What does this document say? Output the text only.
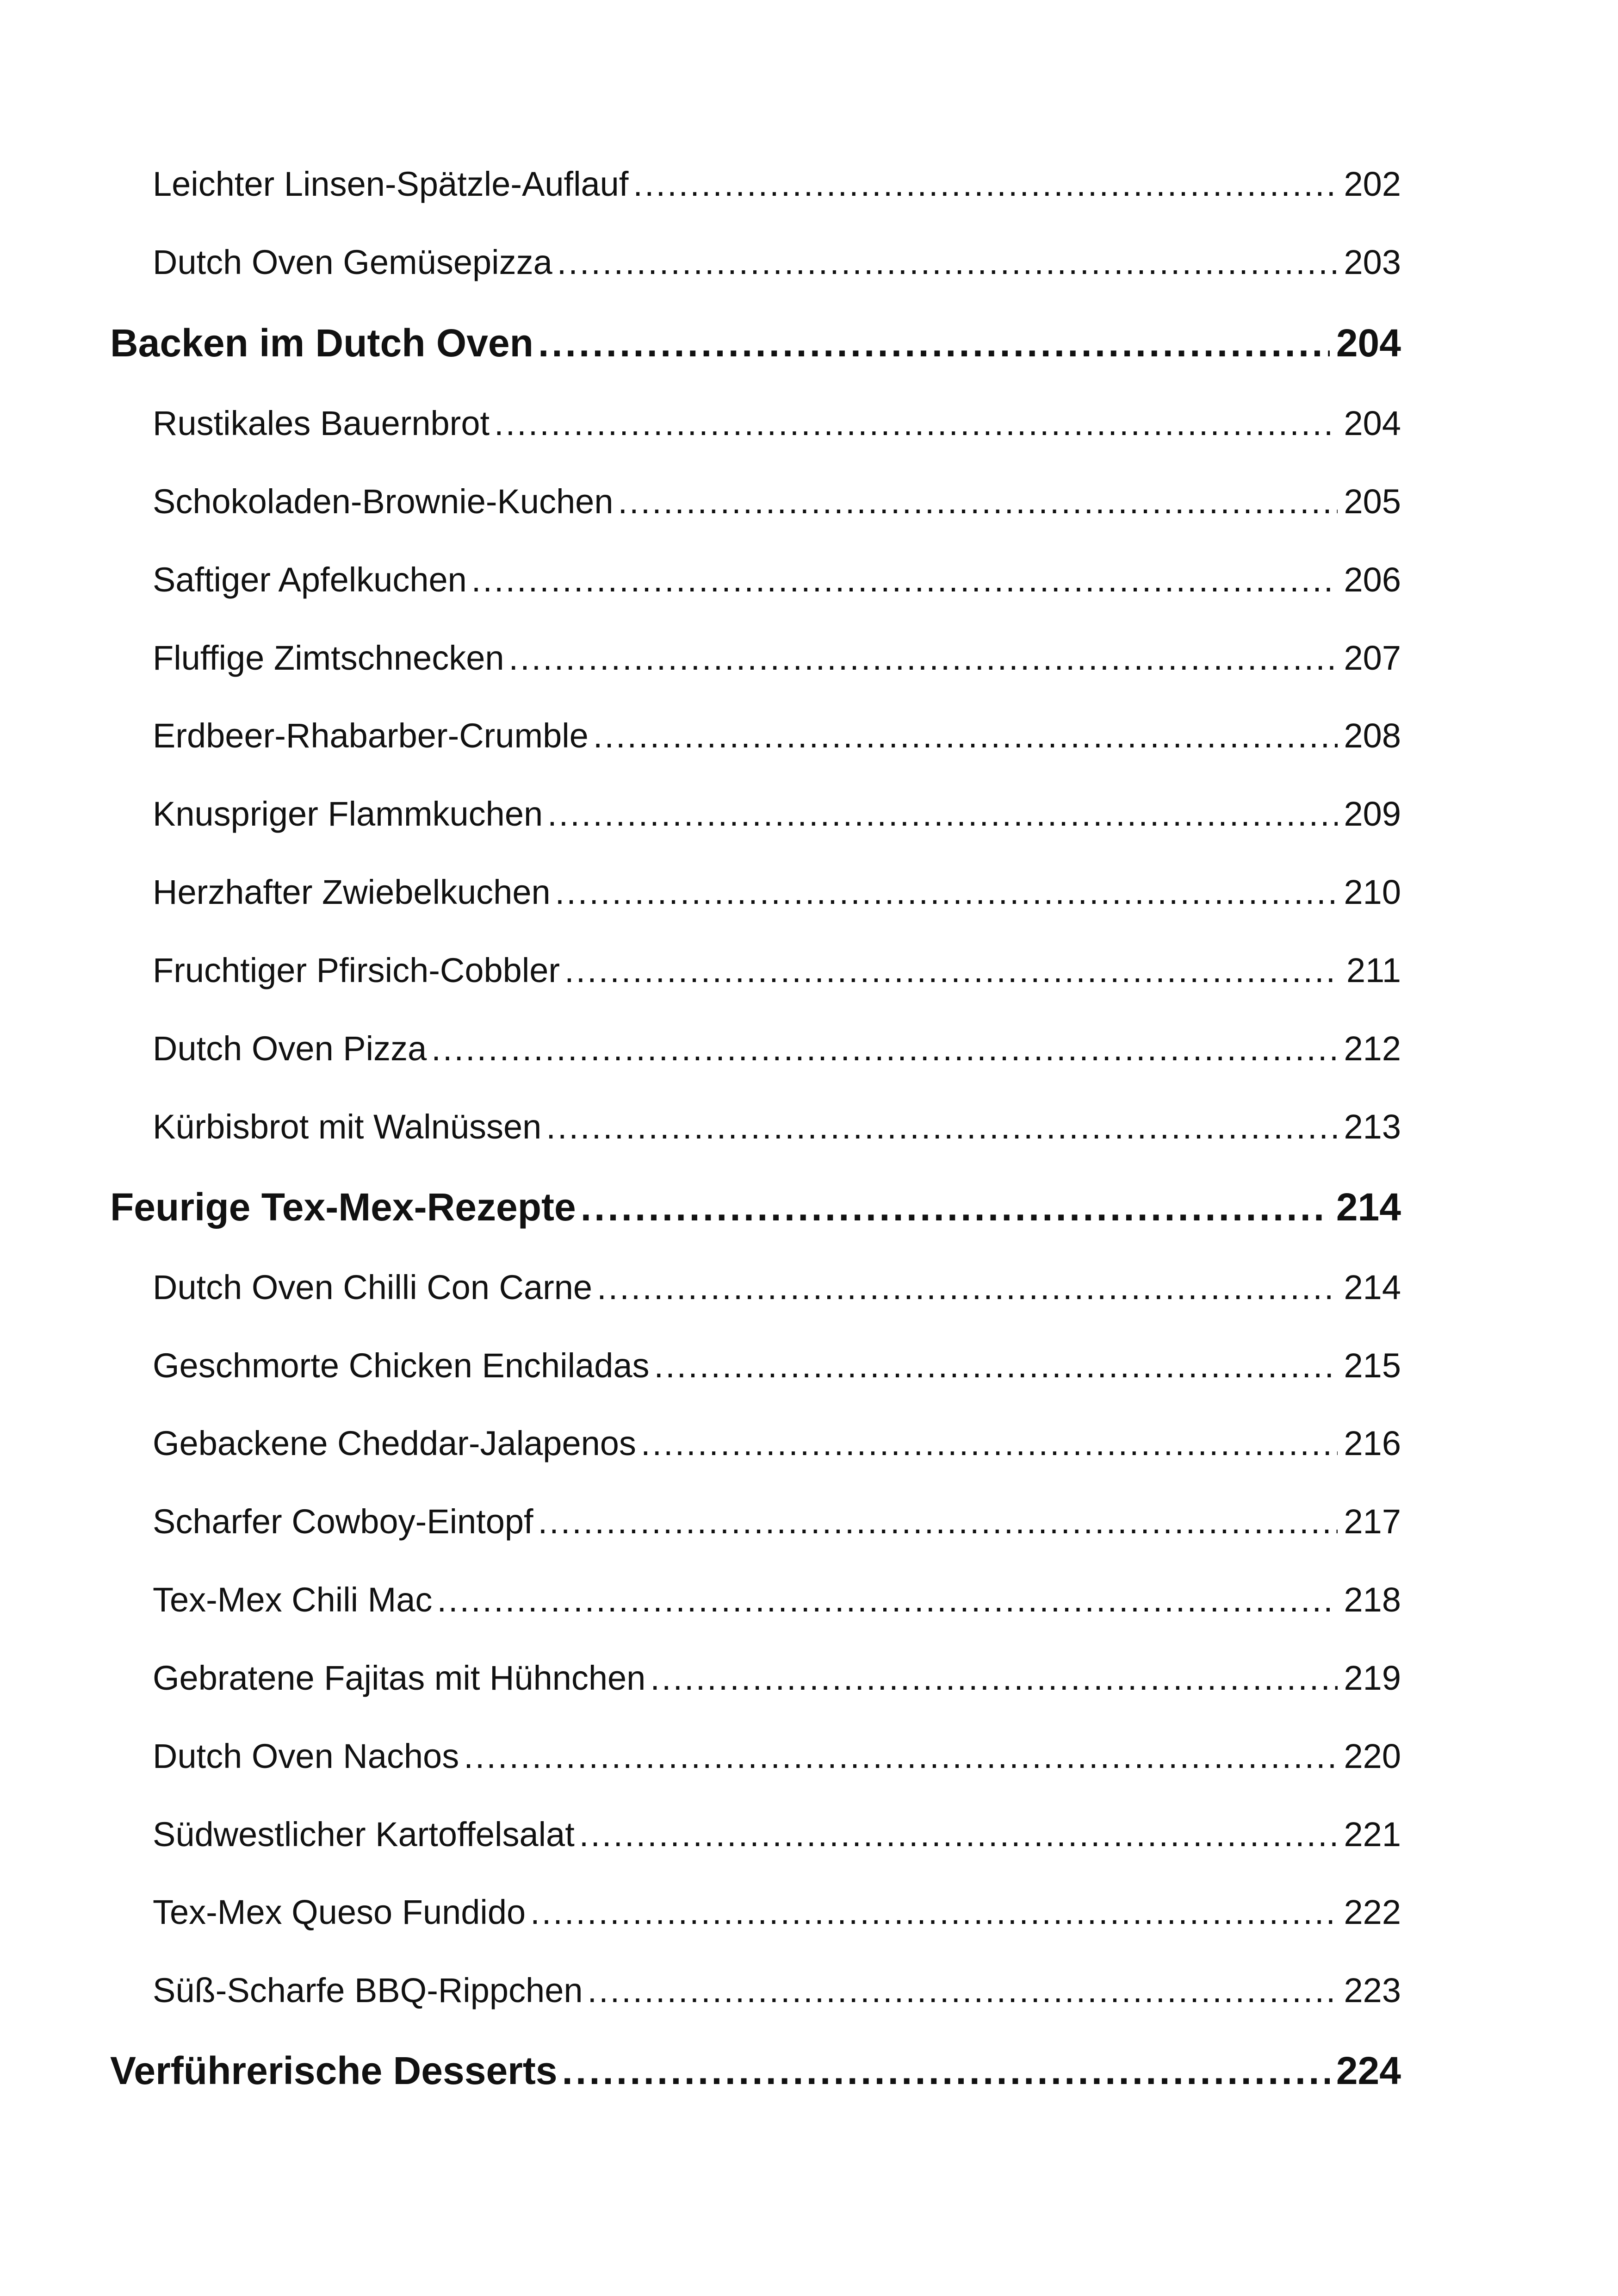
Leichter Linsen-Spätzle-Auflauf .....	202
Dutch Oven Gemüsepizza .....	203
Backen im Dutch Oven .....	204
Rustikales Bauernbrot .....	204
Schokoladen-Brownie-Kuchen .....	205
Saftiger Apfelkuchen .....	206
Fluffige Zimtschnecken .....	207
Erdbeer-Rhabarber-Crumble .....	208
Knuspriger Flammkuchen .....	209
Herzhafter Zwiebelkuchen .....	210
Fruchtiger Pfirsich-Cobbler .....	211
Dutch Oven Pizza .....	212
Kürbisbrot mit Walnüssen .....	213
Feurige Tex-Mex-Rezepte .....	214
Dutch Oven Chilli Con Carne .....	214
Geschmorte Chicken Enchiladas .....	215
Gebackene Cheddar-Jalapenos .....	216
Scharfer Cowboy-Eintopf .....	217
Tex-Mex Chili Mac .....	218
Gebratene Fajitas mit Hühnchen .....	219
Dutch Oven Nachos .....	220
Südwestlicher Kartoffelsalat .....	221
Tex-Mex Queso Fundido .....	222
Süß-Scharfe BBQ-Rippchen .....	223
Verführerische Desserts .....	224
